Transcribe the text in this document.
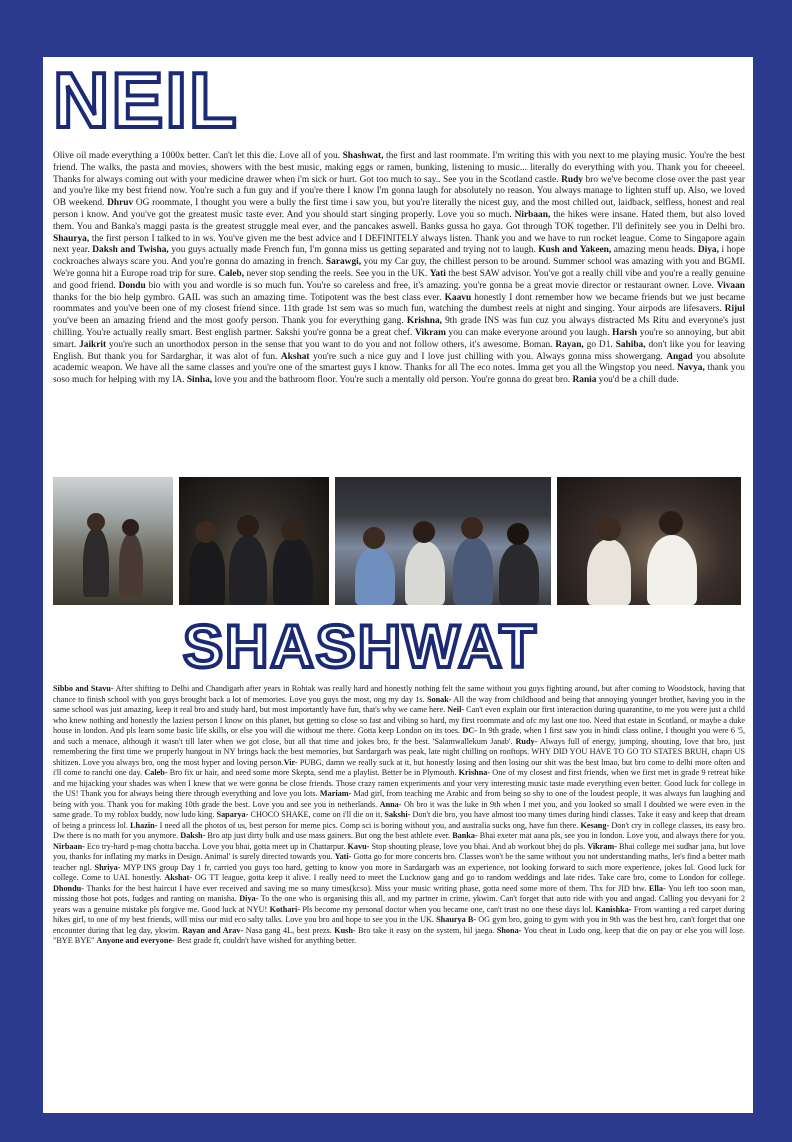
NEIL
Olive oil made everything a 1000x better. Can't let this die. Love all of you. Shashwat, the first and last roommate. I'm writing this with you next to me playing music. You're the best friend. The walks, the pasta and movies, showers with the best music, making eggs or ramen, bunking, listening to music... literally do everything with you. Thank you for cheeeel. Thanks for always coming out with your medicine drawer when i'm sick or hurt. Got too much to say.. See you in the Scotland castle. Rudy bro we've become close over the past year and you're like my best friend now. You're such a fun guy and if you're there I know I'm gonna laugh for absolutely no reason. You always manage to lighten stuff up. Also, we loved OB weekend. Dhruv OG roommate, I thought you were a bully the first time i saw you, but you're literally the nicest guy, and the most chilled out, laidback, selfless, honest and real person i know. And you've got the greatest music taste ever. And you should start singing properly. Love you so much. Nirbaan, the hikes were insane. Hated them, but also loved them. You and Banka's maggi pasta is the greatest struggle meal ever, and the pancakes aswell. Banks gussa ho gaya. Got through TOK together. I'll definitely see you in Delhi bro. Shaurya, the first person I talked to in ws. You've given me the best advice and I DEFINITELY always listen. Thank you and we have to run rocket league. Come to Singapore again next year. Daksh and Twisha, you guys actually made French fun, I'm gonna miss us getting separated and trying not to laugh. Kush and Yakeen, amazing menu heads. Diya, i hope cockroaches always scare you. And you're gonna do amazing in french. Sarawgi, you my Car guy, the chillest person to be around. Summer school was amazing with you and BGMI. We're gonna hit a Europe road trip for sure. Caleb, never stop sending the reels. See you in the UK. Yati the best SAW advisor. You've got a really chill vibe and you're a really genuine and good friend. Dondu bio with you and wordle is so much fun. You're so careless and free, it's amazing. you're gonna be a great movie director or restaurant owner. Love. Vivaan thanks for the bio help gymbro. GAIL was such an amazing time. Totipotent was the best class ever. Kaavu honestly I dont remember how we became friends but we just became roommates and you've been one of my closest friend since. 11th grade 1st sem was so much fun, watching the dumbest reels at night and singing. Your airpods are lifesavers. Rijul you've been an amazing friend and the most goofy person. Thank you for everything gang. Krishna, 9th grade INS was fun cuz you always distracted Ms Ritu and everyone's just chilling. You're actually really smart. Best english partner. Sakshi you're gonna be a great chef. Vikram you can make everyone around you laugh. Harsh you're so annoying, but abit smart. Jaikrit you're such an unorthodox person in the sense that you want to do you and not follow others, it's awesome. Boman. Rayan, go D1. Sahiba, don't like you for leaving English. But thank you for Sardarghar, it was alot of fun. Akshat you're such a nice guy and I love just chilling with you. Always gonna miss showergang. Angad you absolute academic weapon. We have all the same classes and you're one of the smartest guys I know. Thanks for all The eco notes. Imma get you all the Wingstop you need. Navya, thank you soso much for helping with my IA. Sinha, love you and the bathroom floor. You're such a mentally old person. You're gonna do great bro. Rania you'd be a chill dude.
SHASHWAT
Sibbo and Stavu- After shifting to Delhi and Chandigarh after years in Rohtak was really hard and honestly nothing felt the same without you guys fighting around, but after coming to Woodstock, having that chance to finish school with you guys brought back a lot of memories. Love you guys the most, ong my day 1s. Sonak- All the way from childhood and being that annoying younger brother, having you in the same school was just amazing, keep it real bro and study hard, but most importantly have fun, that's why we came here. Neil- Can't even explain our first interaction during quarantine, to me you were just a child who knew nothing and honestly the laziest person I know on this planet, but getting so close so fast and vibing so hard, my first roommate and ofc my last one too. Need that estate in Scotland, or maybe a duke house in london. And pls learn some basic life skills, or else you will die without me there. Gotta keep London on its toes. DC- In 9th grade, when I first saw you in hindi class online, I thought you were 6 '5, and such a menace, although it wasn't till later when we got close, but all that time and jokes bro, fr the best. 'Salamwallekum Janab'. Rudy- Always full of energy, jumping, shouting, love that bro, just remembering the first time we properly hungout in NY brings back the best memories, but Sardargarh was peak, late night chilling on rooftops. WHY DID YOU HAVE TO GO TO STATES BRUH, chapri US shitizen. Love you always bro, ong the most hyper and loving person.Vir- PUBG, damn we really suck at it, but honestly losing and then losing our shit was the best lmao, but bro come to delhi more often and i'll come to ranchi one day. Caleb- Bro fix ur hair, and need some more Skepta, send me a playlist. Better be in Plymouth. Krishna- One of my closest and first friends, when we first met in grade 9 retreat hike and me hijacking your shades was when I knew that we were gonna be close friends. Those crazy ramen experiments and your very interesting music taste made everything even better. Good luck for college in the US! Thank you for always being there through everything and love you lots. Mariam- Mad girl, from teaching me Arabic and from being so shy to one of the loudest people, it was always fun laughing and being with you. Thank you for making 10th grade the best. Love you and see you in netherlands. Anna- Oh bro it was the luke in 9th when I met you, and you looked so small I doubted we were even in the same grade. To my roblox buddy, now ludo king. Saparya- CHOCO SHAKE, come on i'll die on it. Sakshi- Don't die bro, you have almost too many times during hindi classes. Take it easy and keep that dream of being a princess lol. Lhazin- I need all the photos of us, best person for meme pics. Comp sci is boring without you, and australia sucks ong, have fun there. Kesang- Don't cry in college classes, its easy bro. Dw there is no math for you anymore. Daksh- Bro atp just dirty bulk and use mass gainers. But ong the best athlete ever. Banka- Bhai exeter mat aana pls, see you in london. Love you, and always there for you. Nirbaan- Eco try-hard p-mag chotta baccha. Love you bhai, gotta meet up in Chattarpur. Kavu- Stop shouting please, love you bhai. And ab workout bhej do pls. Vikram- Bhai college mei sudhar jana, but love you, thanks for inflating my marks in Design. Animal' is surely directed towards you. Yati- Gotta go for more concerts bro. Classes won't be the same without you not understanding maths, let's find a better math teacher ngl. Shriya- MYP INS group Day 1 fr, carried you guys too hard, getting to know you more in Sardargarh was an experience, not looking forward to such more experience, jokes lol. Good luck for college. Come to UAL honestly. Akshat- OG TT league, gotta keep it alive. I really need to meet the Lucknow gang and go to random weddings and late rides. Take care bro, come to London for college. Dhondu- Thanks for the best haircut I have ever received and saving me so many times(kcso). Miss your music writing phase, gotta need some more of them. Thx for JID btw. Ella- You left too soon man, missing those hot pots, fudges and ranting on manisha. Diya- To the one who is organising this all, and my partner in crime, ykwim. Can't forget that auto ride with you and angad. Calling you devyani for 2 years was a genuine mistake pls forgive me. Good luck at NYU! Kothari- Pls become my personal doctor when you became one, can't trust no one these days lol. Kanishka- From wanting a red carpet during hikes girl, to one of my best friends, will miss our mid eco salty talks. Love you bro and hope to see you in the UK. Shaurya B- OG gym bro, going to gym with you in 9th was the best bro, can't forget that one encounter during that leg day, ykwim. Rayan and Arav- Nasa gang 4L, best prezs. Kush- Bro take it easy on the system, hil jaega. Shona- You cheat in Ludo ong, keep that die on pay or else you will lose. "BYE BYE" Anyone and everyone- Best grade fr, couldn't have wished for anything better.
